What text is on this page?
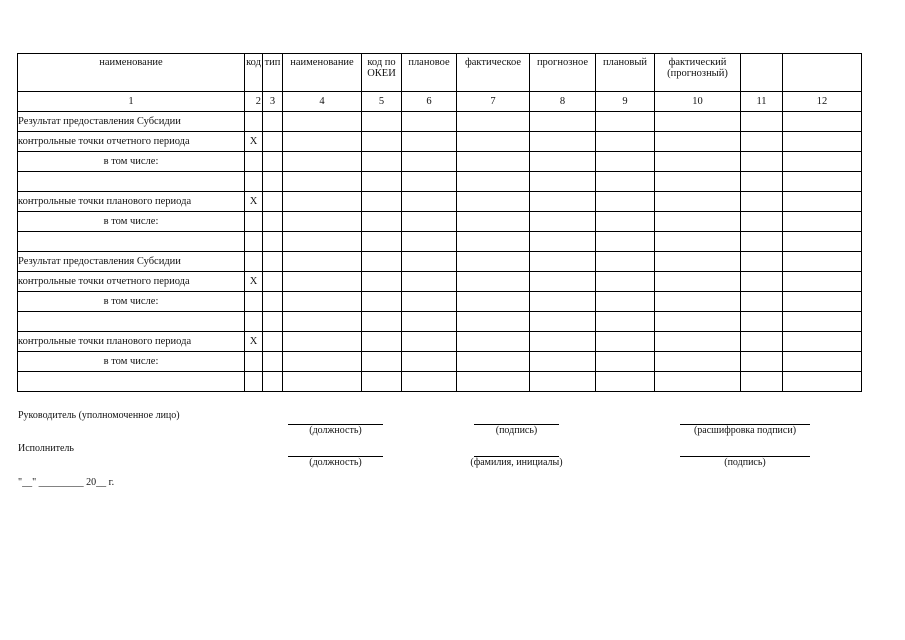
наименование	код	тип	наименование	код по ОКЕИ	плановое	фактическое	прогнозное	плановый	фактический (прогнозный)		
1	2	3	4	5	6	7	8	9	10	11	12
Результат предоставления Субсидии											
контрольные точки отчетного периода	X										
в том числе:											

контрольные точки планового периода	X										
в том числе:											

Результат предоставления Субсидии											
контрольные точки отчетного периода	X										
в том числе:											

контрольные точки планового периода	X										
в том числе:											

Руководитель (уполномоченное лицо)
(должность)	(подпись)	(расшифровка подписи)
Исполнитель
(должность)	(фамилия, инициалы)	(подпись)
"__" _________ 20__ г.
